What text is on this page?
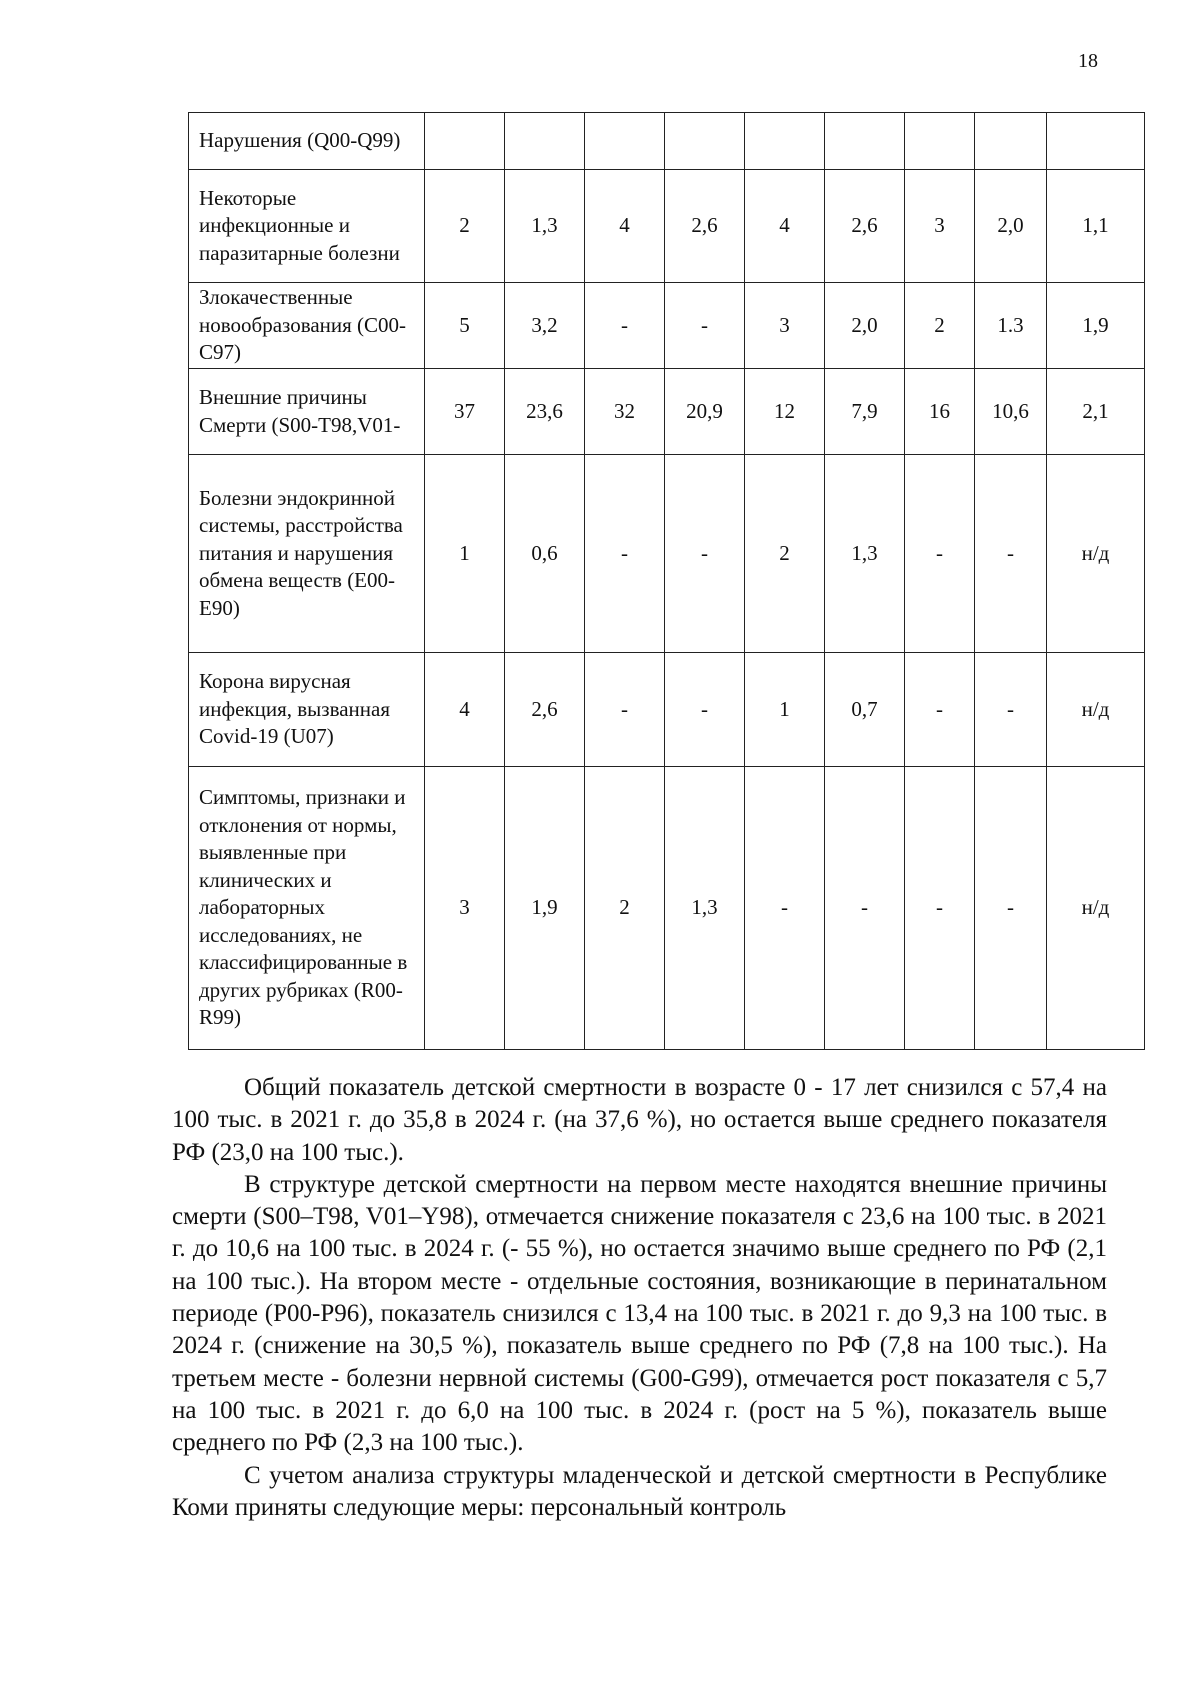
18
Нарушения (Q00-Q99)									
Некоторые инфекционные и паразитарные болезни	2	1,3	4	2,6	4	2,6	3	2,0	1,1
Злокачественные новообразования (C00- C97)	5	3,2	-	-	3	2,0	2	1.3	1,9
Внешние причины Смерти (S00-T98,V01-	37	23,6	32	20,9	12	7,9	16	10,6	2,1
Болезни эндокринной системы, расстройства питания и нарушения обмена веществ (E00-E90)	1	0,6	-	-	2	1,3	-	-	н/д
Корона вирусная инфекция, вызванная Covid-19 (U07)	4	2,6	-	-	1	0,7	-	-	н/д
Симптомы, признаки и отклонения от нормы, выявленные при клинических и лабораторных исследованиях, не классифицированные в других рубриках (R00- R99)	3	1,9	2	1,3	-	-	-	-	н/д

Общий показатель детской смертности в возрасте 0 - 17 лет снизился с 57,4 на 100 тыс. в 2021 г. до 35,8 в 2024 г. (на 37,6 %), но остается выше среднего показателя РФ (23,0 на 100 тыс.).

В структуре детской смертности на первом месте находятся внешние причины смерти (S00–T98, V01–Y98), отмечается снижение показателя с 23,6 на 100 тыс. в 2021 г. до 10,6 на 100 тыс. в 2024 г. (- 55 %), но остается значимо выше среднего по РФ (2,1 на 100 тыс.). На втором месте - отдельные состояния, возникающие в перинатальном периоде (P00-P96), показатель снизился с 13,4 на 100 тыс. в 2021 г. до 9,3 на 100 тыс. в 2024 г. (снижение на 30,5 %), показатель выше среднего по РФ (7,8 на 100 тыс.). На третьем месте - болезни нервной системы (G00-G99), отмечается рост показателя с 5,7 на 100 тыс. в 2021 г. до 6,0 на 100 тыс. в 2024 г. (рост на 5 %), показатель выше среднего по РФ (2,3 на 100 тыс.).

С учетом анализа структуры младенческой и детской смертности в Республике Коми приняты следующие меры: персональный контроль
